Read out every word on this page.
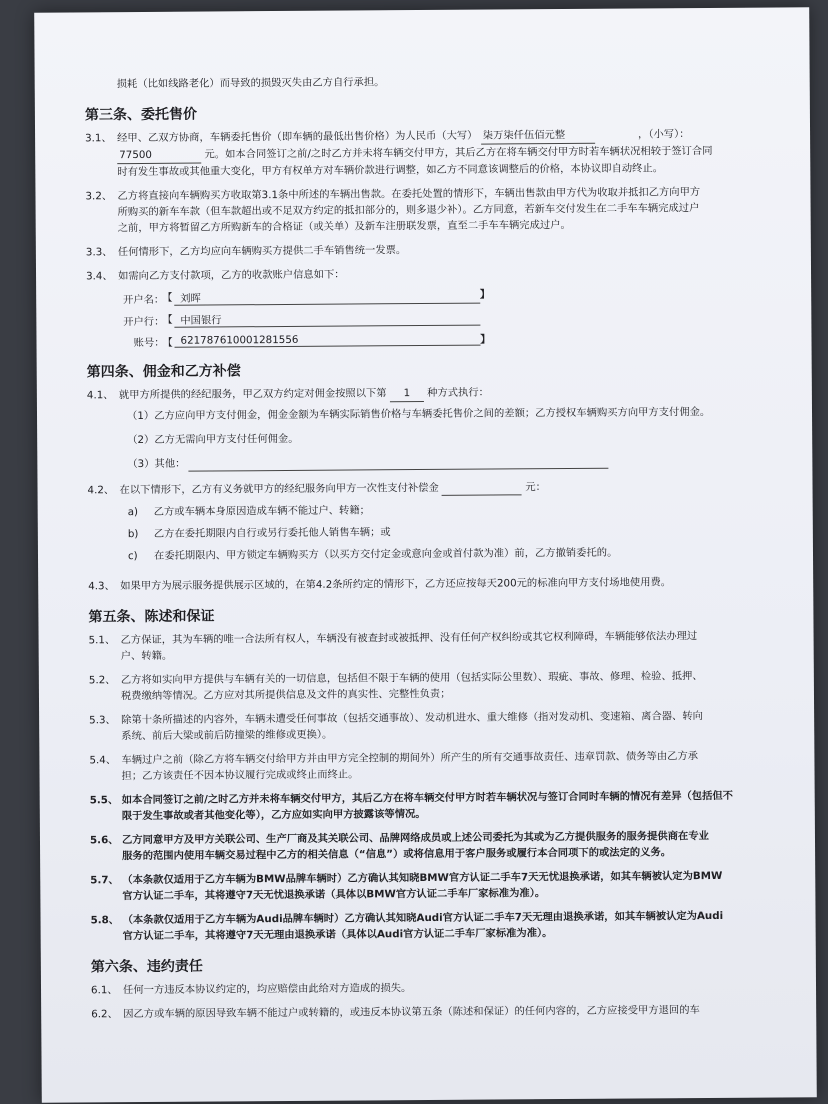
损耗（比如线路老化）而导致的损毁灭失由乙方自行承担。
第三条、委托售价
3.1、 经甲、乙双方协商，车辆委托售价（即车辆的最低出售价格）为人民币（大写） 柒万柒仟伍佰元整	，（小写）：
77500	元。如本合同签订之前/之时乙方并未将车辆交付甲方，其后乙方在将车辆交付甲方时若车辆状况相较于签订合同
时有发生事故或其他重大变化，甲方有权单方对车辆价款进行调整，如乙方不同意该调整后的价格，本协议即自动终止。
3.2、 乙方将直接向车辆购买方收取第3.1条中所述的车辆出售款。在委托处置的情形下，车辆出售款由甲方代为收取并抵扣乙方向甲方
所购买的新车车款（但车款超出或不足双方约定的抵扣部分的，则多退少补）。乙方同意，若新车交付发生在二手车车辆完成过户
之前，甲方将暂留乙方所购新车的合格证（或关单）及新车注册联发票，直至二手车车辆完成过户。
3.3、 任何情形下，乙方均应向车辆购买方提供二手车销售统一发票。
3.4、 如需向乙方支付款项，乙方的收款账户信息如下：
开户名：	【 刘晖 】
开户行：	【 中国银行
账号：	【 621787610001281556 】
第四条、佣金和乙方补偿
4.1、 就甲方所提供的经纪服务，甲乙双方约定对佣金按照以下第 1 种方式执行：
（1）乙方应向甲方支付佣金，佣金金额为车辆实际销售价格与车辆委托售价之间的差额；乙方授权车辆购买方向甲方支付佣金。
（2）乙方无需向甲方支付任何佣金。
（3）其他：
4.2、 在以下情形下，乙方有义务就甲方的经纪服务向甲方一次性支付补偿金	元：
a)	乙方或车辆本身原因造成车辆不能过户、转籍；
b)	乙方在委托期限内自行或另行委托他人销售车辆；或
c)	在委托期限内、甲方锁定车辆购买方（以买方交付定金或意向金或首付款为准）前，乙方撤销委托的。
4.3、 如果甲方为展示服务提供展示区域的，在第4.2条所约定的情形下，乙方还应按每天200元的标准向甲方支付场地使用费。
第五条、陈述和保证
5.1、 乙方保证，其为车辆的唯一合法所有权人，车辆没有被查封或被抵押、没有任何产权纠纷或其它权利障碍，车辆能够依法办理过
户、转籍。
5.2、 乙方将如实向甲方提供与车辆有关的一切信息，包括但不限于车辆的使用（包括实际公里数）、瑕疵、事故、修理、检验、抵押、
税费缴纳等情况。乙方应对其所提供信息及文件的真实性、完整性负责；
5.3、 除第十条所描述的内容外，车辆未遭受任何事故（包括交通事故）、发动机进水、重大维修（指对发动机、变速箱、离合器、转向
系统、前后大梁或前后防撞梁的维修或更换）。
5.4、 车辆过户之前（除乙方将车辆交付给甲方并由甲方完全控制的期间外）所产生的所有交通事故责任、违章罚款、债务等由乙方承
担；乙方该责任不因本协议履行完成或终止而终止。
5.5、 如本合同签订之前/之时乙方并未将车辆交付甲方，其后乙方在将车辆交付甲方时若车辆状况与签订合同时车辆的情况有差异（包括但不
限于发生事故或者其他变化等），乙方应如实向甲方披露该等情况。
5.6、 乙方同意甲方及甲方关联公司、生产厂商及其关联公司、品牌网络成员或上述公司委托为其或为乙方提供服务的服务提供商在专业
服务的范围内使用车辆交易过程中乙方的相关信息（“信息”）或将信息用于客户服务或履行本合同项下的或法定的义务。
5.7、 （本条款仅适用于乙方车辆为BMW品牌车辆时）乙方确认其知晓BMW官方认证二手车7天无忧退换承诺，如其车辆被认定为BMW
官方认证二手车，其将遵守7天无忧退换承诺（具体以BMW官方认证二手车厂家标准为准）。
5.8、 （本条款仅适用于乙方车辆为Audi品牌车辆时）乙方确认其知晓Audi官方认证二手车7天无理由退换承诺，如其车辆被认定为Audi
官方认证二手车，其将遵守7天无理由退换承诺（具体以Audi官方认证二手车厂家标准为准）。
第六条、违约责任
6.1、 任何一方违反本协议约定的，均应赔偿由此给对方造成的损失。
6.2、 因乙方或车辆的原因导致车辆不能过户或转籍的，或违反本协议第五条（陈述和保证）的任何内容的，乙方应接受甲方退回的车
